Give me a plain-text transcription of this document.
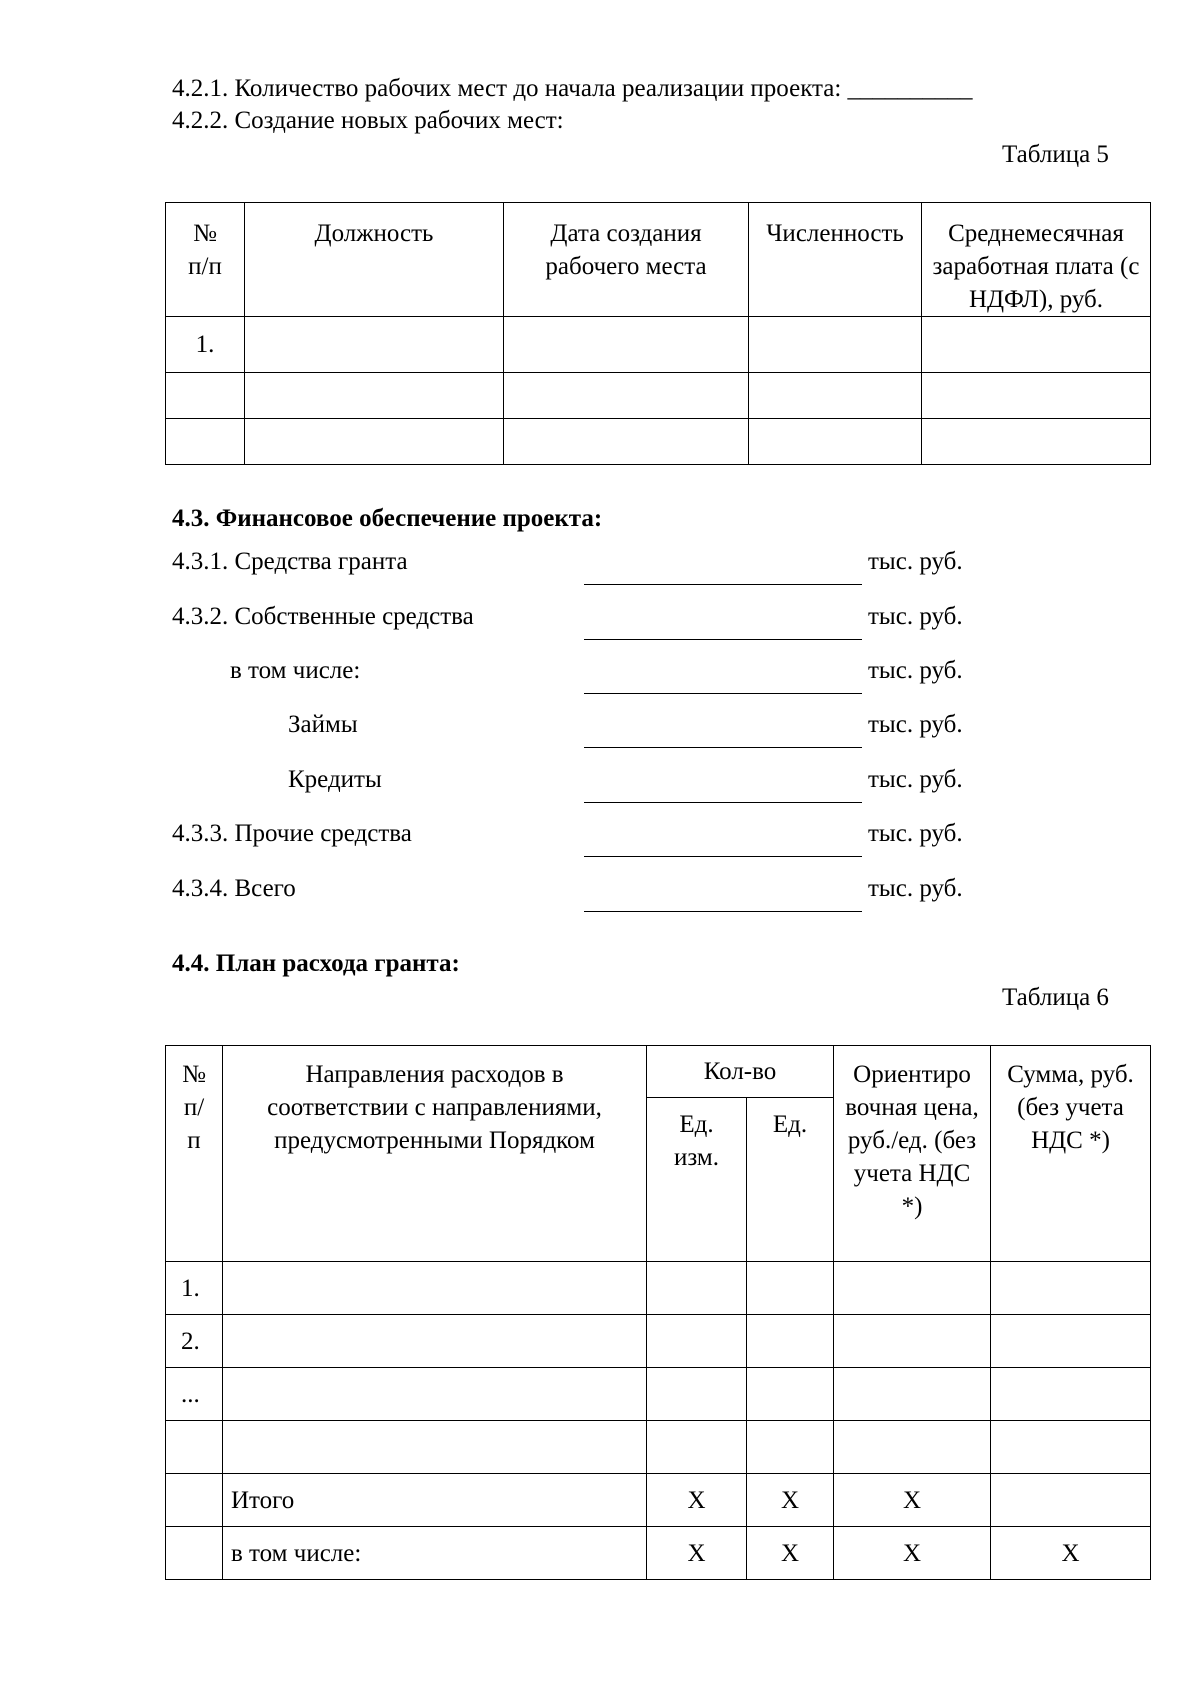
4.2.1. Количество рабочих мест до начала реализации проекта: __________
4.2.2. Создание новых рабочих мест:
Таблица 5
№ п/п	Должность	Дата создания рабочего места	Численность	Среднемесячная заработная плата (с НДФЛ), руб.
1.				

4.3. Финансовое обеспечение проекта:
4.3.1. Средства гранта	тыс. руб.
4.3.2. Собственные средства	тыс. руб.
в том числе:	тыс. руб.
Займы	тыс. руб.
Кредиты	тыс. руб.
4.3.3. Прочие средства	тыс. руб.
4.3.4. Всего	тыс. руб.
4.4. План расхода гранта:
Таблица 6
№ п/п	Направления расходов в соответствии с направлениями, предусмотренными Порядком	Кол-во		Ориентиро вочная цена, руб./ед. (без учета НДС *)	Сумма, руб. (без учета НДС *)
		Ед. изм.	Ед.		
1.					
2.					
...					

	Итого	X	X	X	
	в том числе:	X	X	X	X
